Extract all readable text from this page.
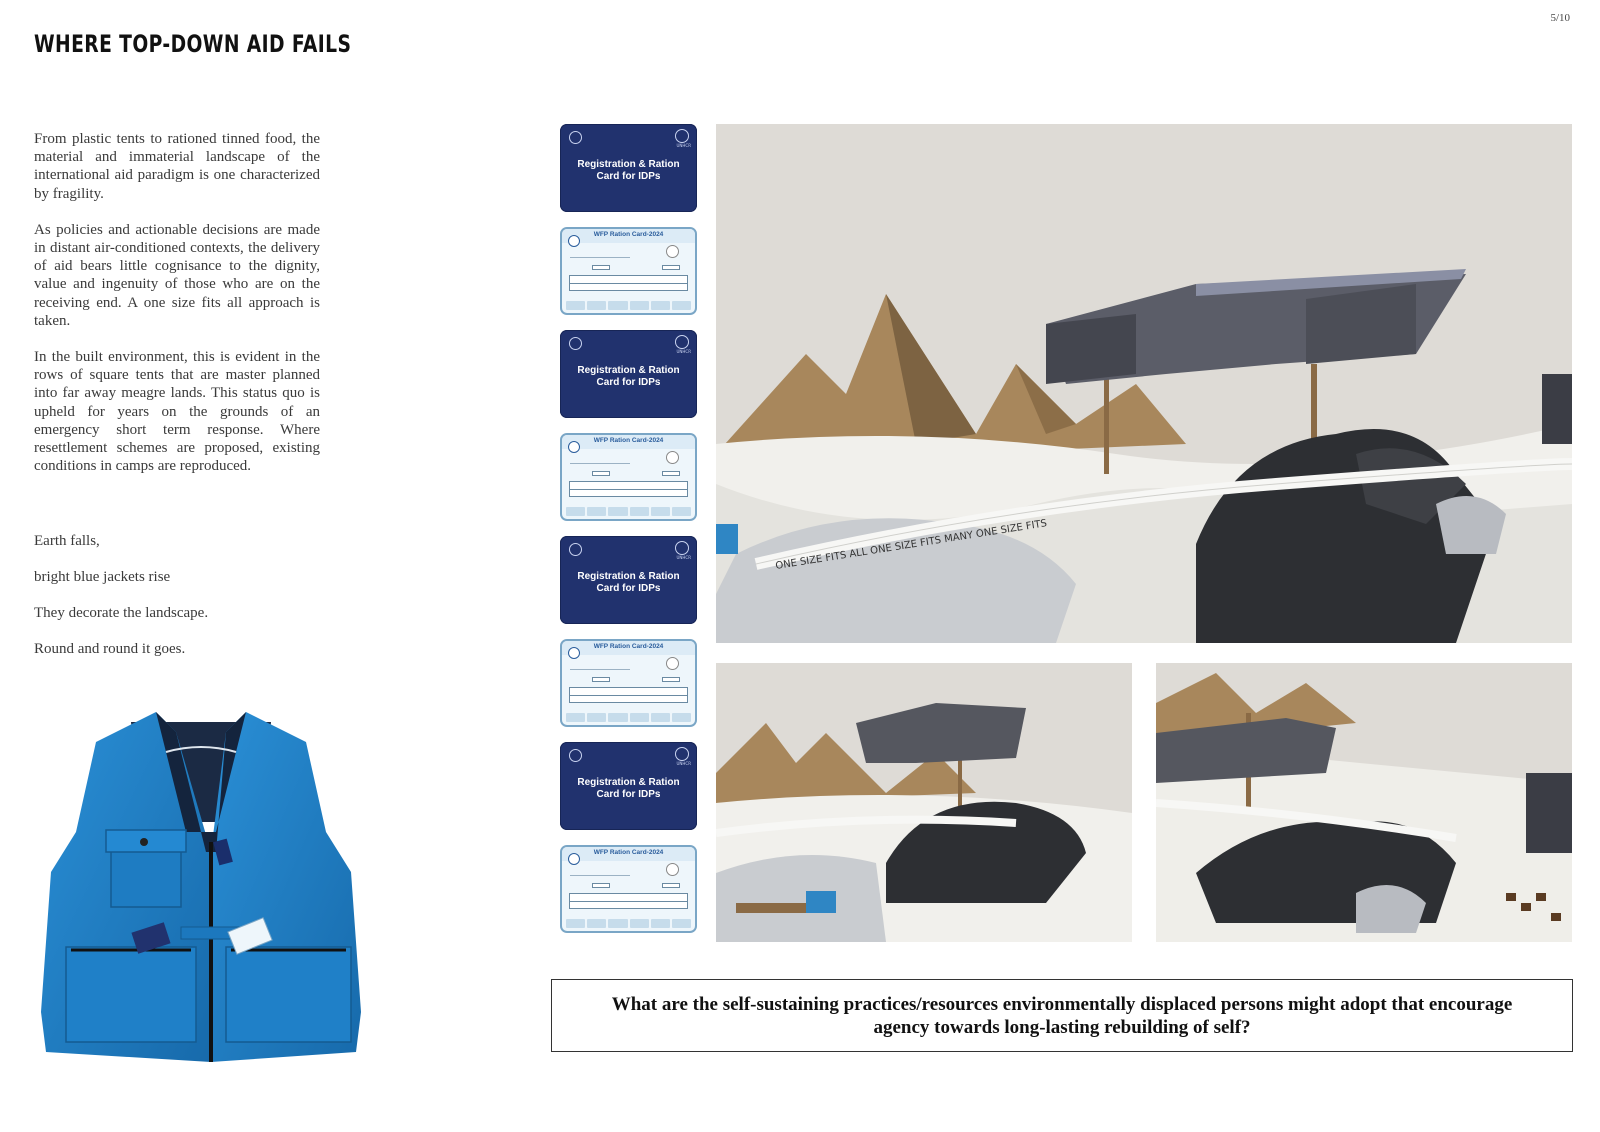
5/10
WHERE TOP-DOWN AID FAILS

From plastic tents to rationed tinned food, the material and immaterial landscape of the international aid paradigm is one characterized by fragility.

As policies and actionable decisions are made in distant air-conditioned contexts, the delivery of aid bears little cognisance to the dignity, value and ingenuity of those who are on the receiving end. A one size fits all approach is taken.

In the built environment, this is evident in the rows of square tents that are master planned into far away meagre lands. This status quo is upheld for years on the grounds of an emergency short term response. Where resettlement schemes are proposed, existing conditions in camps are reproduced.

Earth falls,

bright blue jackets rise

They decorate the landscape.

Round and round it goes.

UNHCR
Registration & Ration Card for IDPs
WFP Ration Card-2024
UNHCR
Registration & Ration Card for IDPs
WFP Ration Card-2024
UNHCR
Registration & Ration Card for IDPs
WFP Ration Card-2024
UNHCR
Registration & Ration Card for IDPs
WFP Ration Card-2024
ONE SIZE FITS ALL ONE SIZE FITS MANY ONE SIZE FITS

What are the self-sustaining practices/resources environmentally displaced persons might adopt that encourage agency towards long-lasting rebuilding of self?
